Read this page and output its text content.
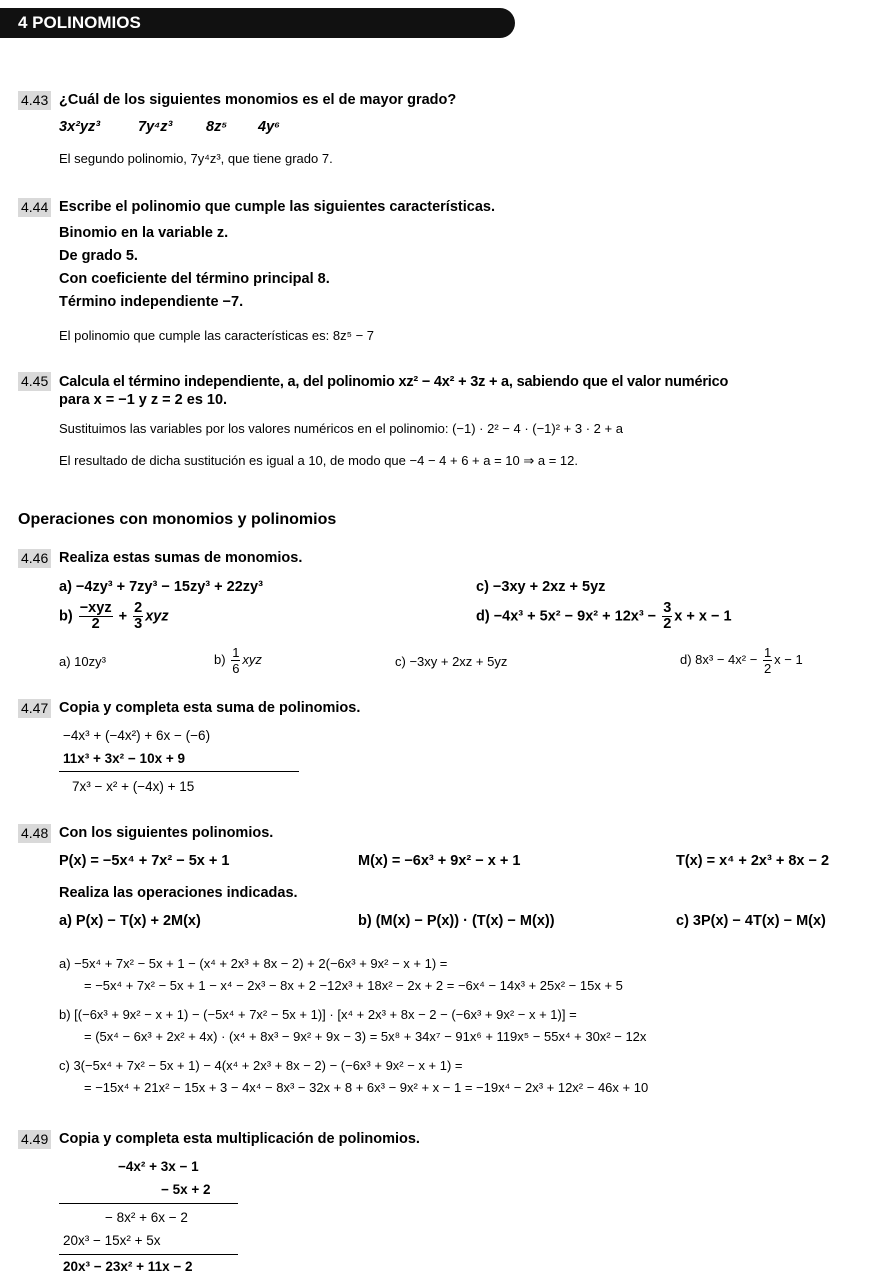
4 POLINOMIOS
4.43 ¿Cuál de los siguientes monomios es el de mayor grado?
3x²yz³	7y⁴z³ 8z⁵ 4y⁶
El segundo polinomio, 7y⁴z³, que tiene grado 7.
4.44 Escribe el polinomio que cumple las siguientes características.
Binomio en la variable z.
De grado 5.
Con coeficiente del término principal 8.
Término independiente −7.
El polinomio que cumple las características es: 8z⁵ − 7
4.45 Calcula el término independiente, a, del polinomio xz² − 4x² + 3z + a, sabiendo que el valor numérico
para x = −1 y z = 2 es 10.
Sustituimos las variables por los valores numéricos en el polinomio: (−1) · 2² − 4 · (−1)² + 3 · 2 + a
El resultado de dicha sustitución es igual a 10, de modo que −4 − 4 + 6 + a = 10 ⇒ a = 12.
Operaciones con monomios y polinomios
4.46 Realiza estas sumas de monomios.
a) −4zy³ + 7zy³ − 15zy³ + 22zy³	c) −3xy + 2xz + 5yz
$b) \frac{\text{−xyz}}{2} + \frac{2}{3}$ xyz	$d) -4x^3 + 5x^2 - 9x^2 + 12x^3 - \frac{3}{2}$ x + x − 1
a) 10zy³	$b) \frac{1}{6}$ xyz	c) −3xy + 2xz + 5yz	d) $8x^3 - 4x^2 - \frac{1}{2}$ x − 1
4.47 Copia y completa esta suma de polinomios.
−4x³ + (−4x²) + 6x − (−6)
11x³ + 3x² − 10x + 9
7x³ − x² + (−4x) + 15
4.48 Con los siguientes polinomios.
P(x) = −5x⁴ + 7x² − 5x + 1	M(x) = −6x³ + 9x² − x + 1	T(x) = x⁴ + 2x³ + 8x − 2
Realiza las operaciones indicadas.
a) P(x) − T(x) + 2M(x)	b) (M(x) − P(x)) · (T(x) − M(x))	c) 3P(x) − 4T(x) − M(x)
a) −5x⁴ + 7x² − 5x + 1 − (x⁴ + 2x³ + 8x − 2) + 2(−6x³ + 9x² − x + 1) =
= −5x⁴ + 7x² − 5x + 1 − x⁴ − 2x³ − 8x + 2 −12x³ + 18x² − 2x + 2 = −6x⁴ − 14x³ + 25x² − 15x + 5
b) [(−6x³ + 9x² − x + 1) − (−5x⁴ + 7x² − 5x + 1)] · [x⁴ + 2x³ + 8x − 2 − (−6x³ + 9x² − x + 1)] =
= (5x⁴ − 6x³ + 2x² + 4x) · (x⁴ + 8x³ − 9x² + 9x − 3) = 5x⁸ + 34x⁷ − 91x⁶ + 119x⁵ − 55x⁴ + 30x² − 12x
c) 3(−5x⁴ + 7x² − 5x + 1) − 4(x⁴ + 2x³ + 8x − 2) − (−6x³ + 9x² − x + 1) =
= −15x⁴ + 21x² − 15x + 3 − 4x⁴ − 8x³ − 32x + 8 + 6x³ − 9x² + x − 1 = −19x⁴ − 2x³ + 12x² − 46x + 10
4.49 Copia y completa esta multiplicación de polinomios.
−4x² + 3x − 1
− 5x + 2
− 8x² + 6x − 2
20x³ − 15x² + 5x
20x³ − 23x² + 11x − 2
